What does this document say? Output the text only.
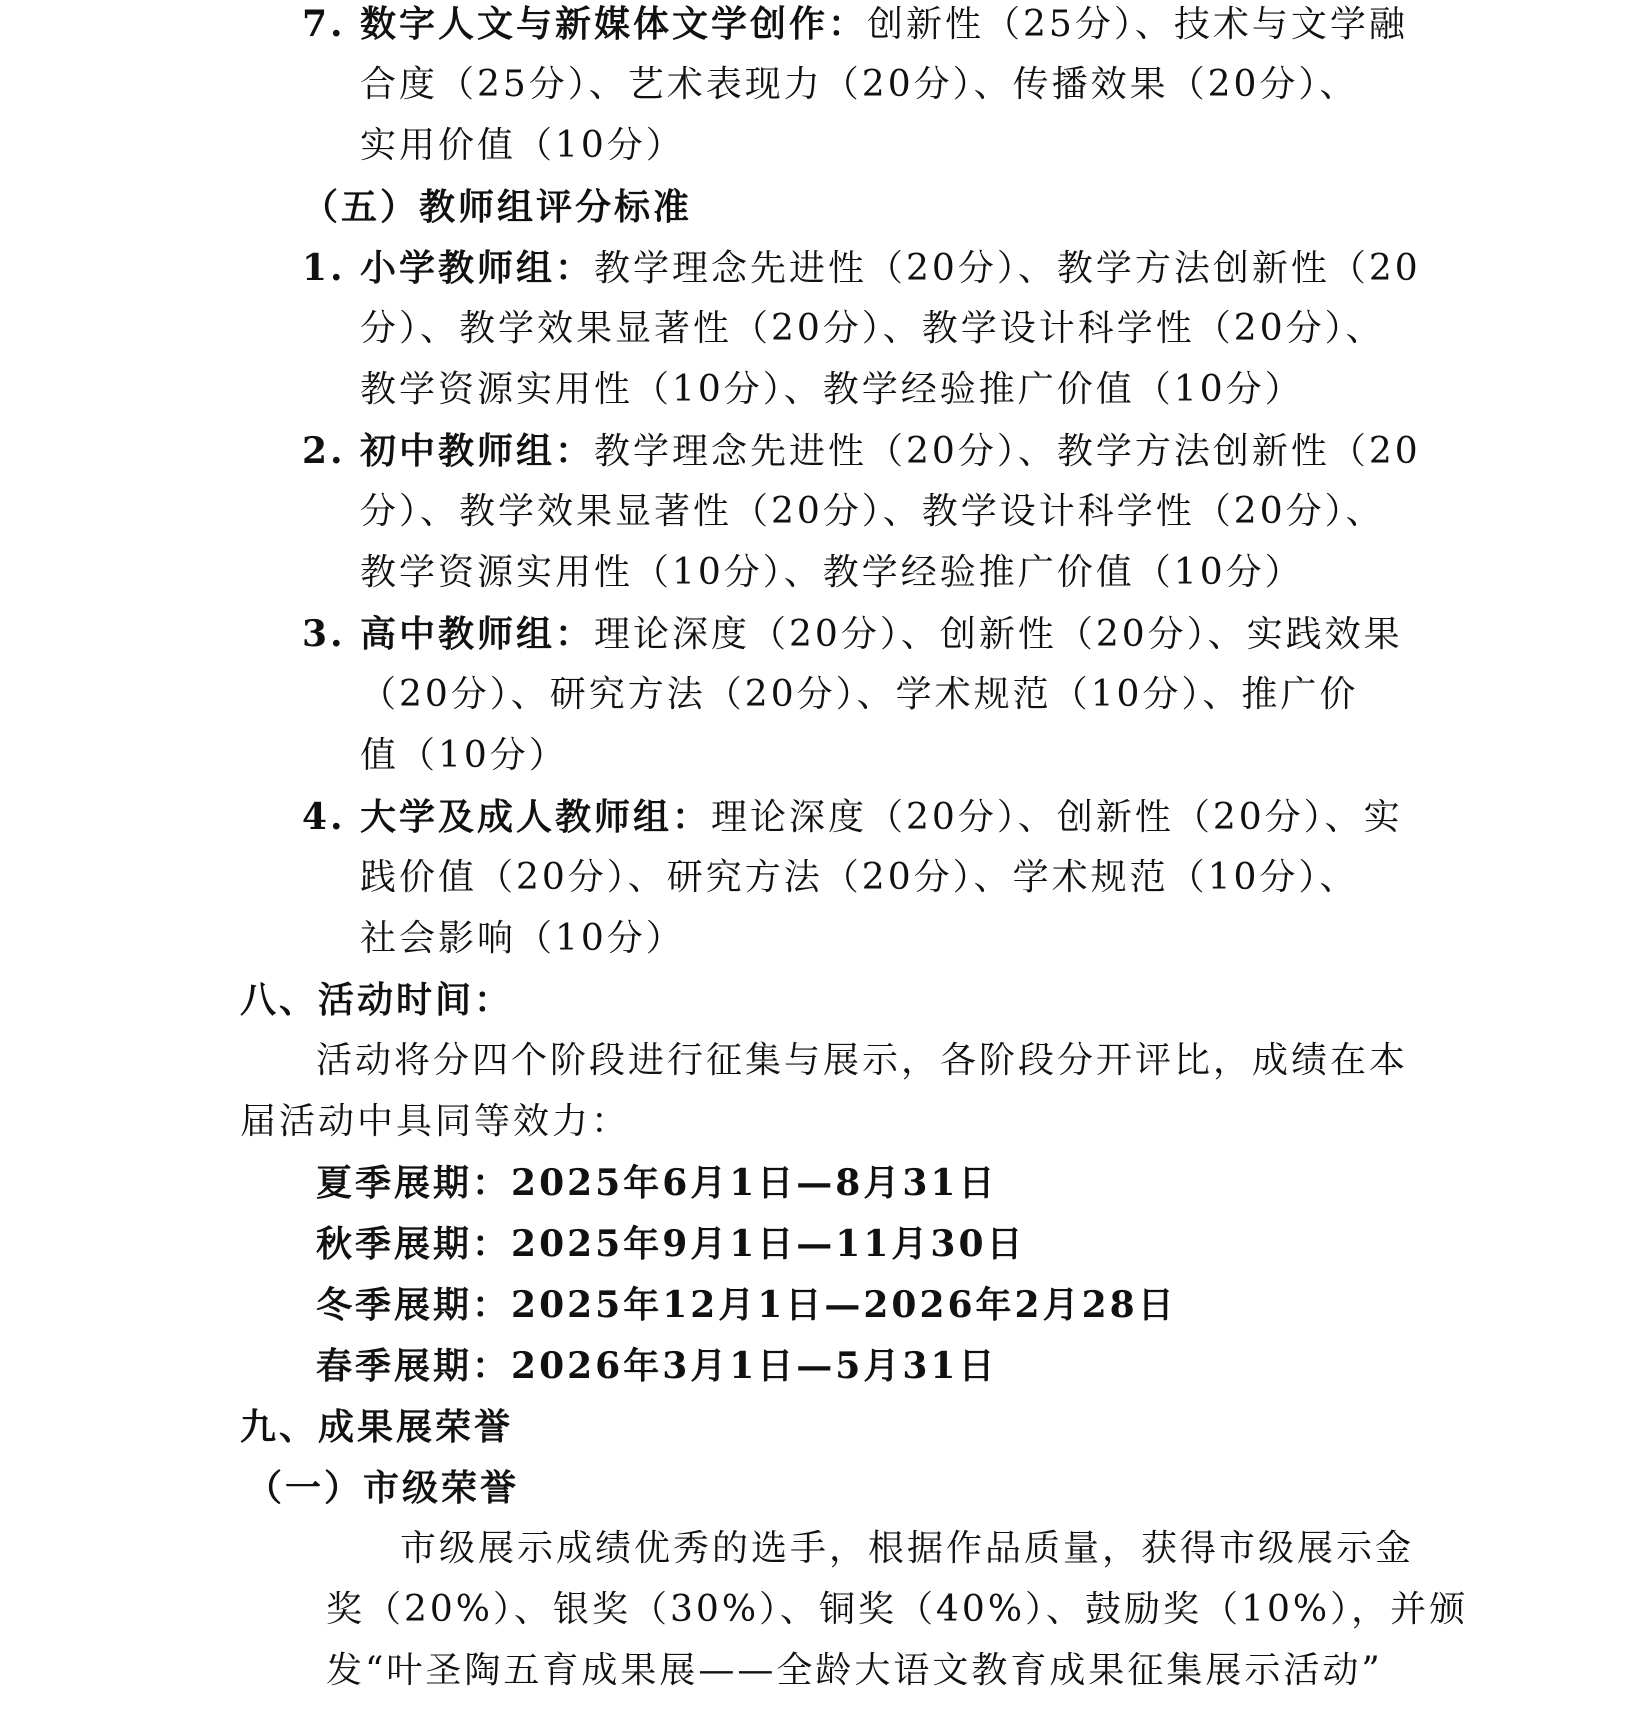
7. 数字人文与新媒体文学创作：创新性（25分）、技术与文学融
合度（25分）、艺术表现力（20分）、传播效果（20分）、
实用价值（10分）
（五）教师组评分标准
1. 小学教师组：教学理念先进性（20分）、教学方法创新性（20
分）、教学效果显著性（20分）、教学设计科学性（20分）、
教学资源实用性（10分）、教学经验推广价值（10分）
2. 初中教师组：教学理念先进性（20分）、教学方法创新性（20
分）、教学效果显著性（20分）、教学设计科学性（20分）、
教学资源实用性（10分）、教学经验推广价值（10分）
3. 高中教师组：理论深度（20分）、创新性（20分）、实践效果
（20分）、研究方法（20分）、学术规范（10分）、推广价
值（10分）
4. 大学及成人教师组：理论深度（20分）、创新性（20分）、实
践价值（20分）、研究方法（20分）、学术规范（10分）、
社会影响（10分）
八、活动时间：
活动将分四个阶段进行征集与展示，各阶段分开评比，成绩在本
届活动中具同等效力：
夏季展期：2025年6月1日—8月31日
秋季展期：2025年9月1日—11月30日
冬季展期：2025年12月1日—2026年2月28日
春季展期：2026年3月1日—5月31日
九、成果展荣誉
（一）市级荣誉
市级展示成绩优秀的选手，根据作品质量，获得市级展示金
奖（20%）、银奖（30%）、铜奖（40%）、鼓励奖（10%），并颁
发“叶圣陶五育成果展——全龄大语文教育成果征集展示活动”
